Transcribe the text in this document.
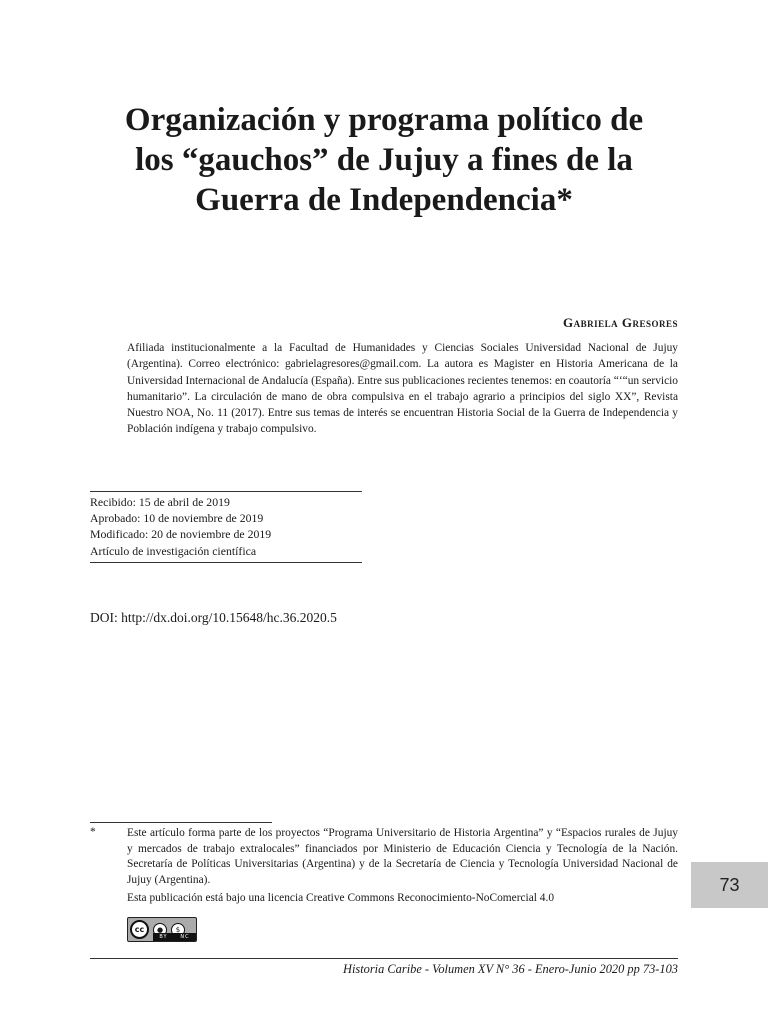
Organización y programa político de
los “gauchos” de Jujuy a fines de la
Guerra de Independencia*
Gabriela Gresores

Afiliada institucionalmente a la Facultad de Humanidades y Ciencias Sociales Universidad Nacional de Jujuy (Argentina). Correo electrónico: gabrielagresores@gmail.com. La autora es Magister en Historia Americana de la Universidad Internacional de Andalucía (España). Entre sus publicaciones recientes tenemos: en coautoría “‘“un servicio humanitario”. La circulación de mano de obra compulsiva en el trabajo agrario a principios del siglo XX”, Revista Nuestro NOA, No. 11 (2017). Entre sus temas de interés se encuentran Historia Social de la Guerra de Independencia y Población indígena y trabajo compulsivo.

Recibido: 15 de abril de 2019
Aprobado: 10 de noviembre de 2019
Modificado: 20 de noviembre de 2019
Artículo de investigación científica
DOI: http://dx.doi.org/10.15648/hc.36.2020.5
*	Este artículo forma parte de los proyectos “Programa Universitario de Historia Argentina” y “Espacios rurales de Jujuy y mercados de trabajo extralocales” financiados por Ministerio de Educación Ciencia y Tecnología de la Nación. Secretaría de Políticas Universitarias (Argentina) y de la Secretaría de Ciencia y Tecnología Universidad Nacional de Jujuy (Argentina).

Esta publicación está bajo una licencia Creative Commons Reconocimiento-NoComercial 4.0
cc	●	$
BY	NC
Historia Caribe - Volumen XV N° 36 - Enero-Junio 2020 pp 73-103
73
